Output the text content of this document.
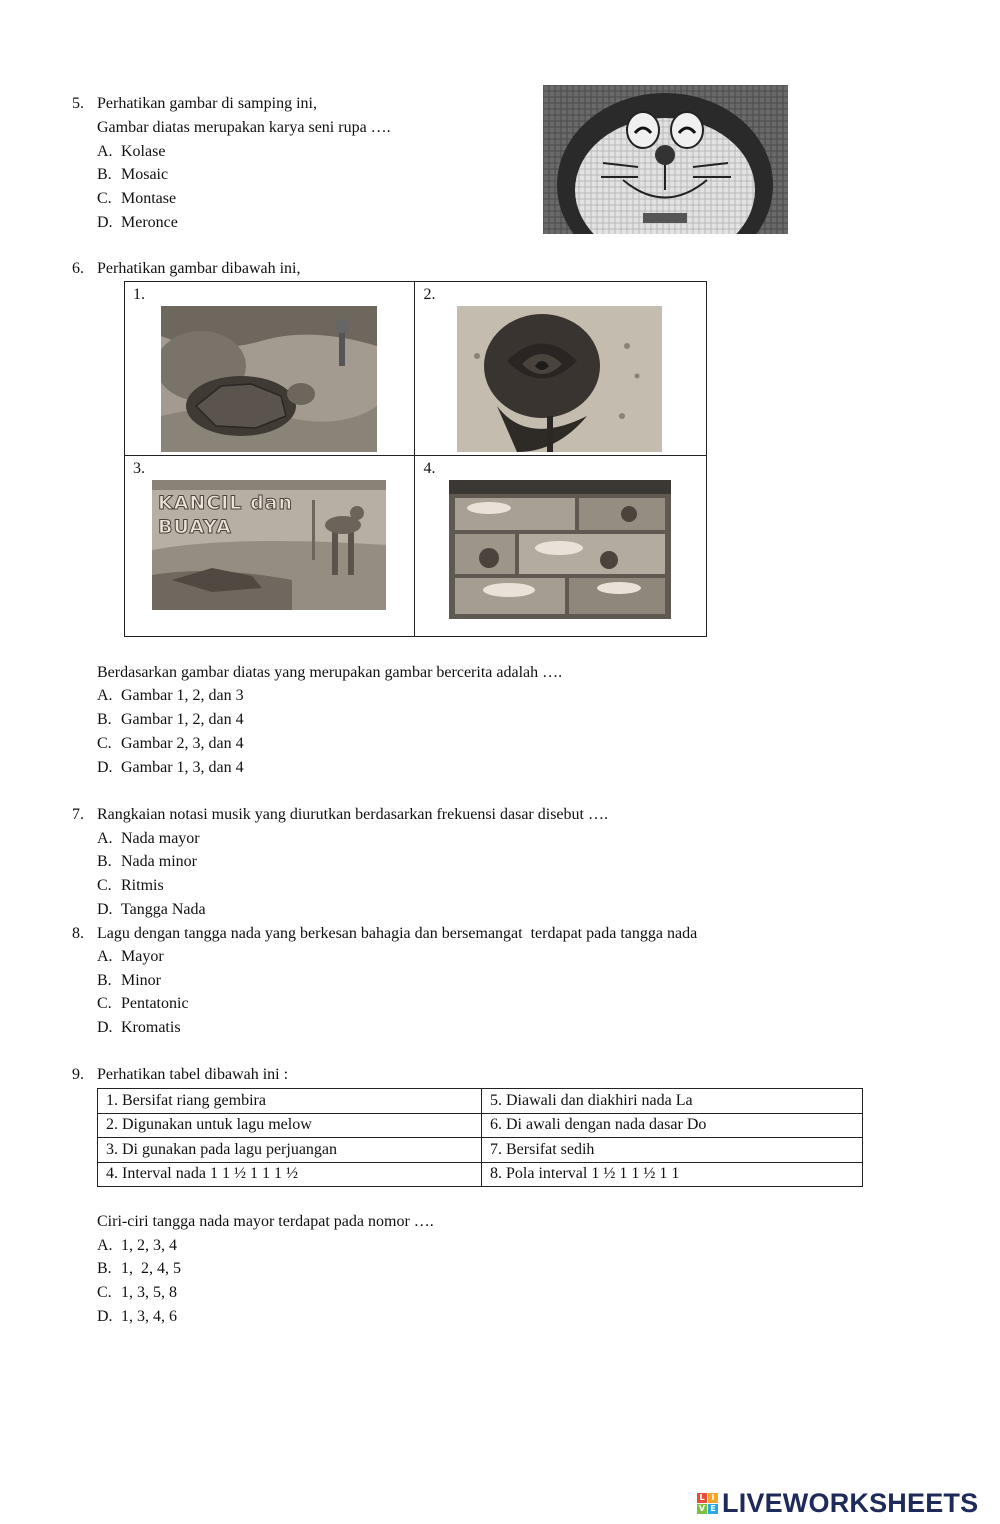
5. Perhatikan gambar di samping ini,
Gambar diatas merupakan karya seni rupa ….
A. Kolase
B. Mosaic
C. Montase
D. Meronce
6. Perhatikan gambar dibawah ini,
1.	2.

3.
KANCIL dan
BUAYA	4.
Berdasarkan gambar diatas yang merupakan gambar bercerita adalah ….
A. Gambar 1, 2, dan 3
B. Gambar 1, 2, dan 4
C. Gambar 2, 3, dan 4
D. Gambar 1, 3, dan 4
7. Rangkaian notasi musik yang diurutkan berdasarkan frekuensi dasar disebut ….
A. Nada mayor
B. Nada minor
C. Ritmis
D. Tangga Nada
8. Lagu dengan tangga nada yang berkesan bahagia dan bersemangat  terdapat pada tangga nada
A. Mayor
B. Minor
C. Pentatonic
D. Kromatis
9. Perhatikan tabel dibawah ini :
1. Bersifat riang gembira	5. Diawali dan diakhiri nada La
2. Digunakan untuk lagu melow	6. Di awali dengan nada dasar Do
3. Di gunakan pada lagu perjuangan	7. Bersifat sedih
4. Interval nada 1 1 ½ 1 1 1 ½	8. Pola interval 1 ½ 1 1 ½ 1 1
Ciri-ciri tangga nada mayor terdapat pada nomor ….
A. 1, 2, 3, 4
B. 1,  2, 4, 5
C. 1, 3, 5, 8
D. 1, 3, 4, 6
L I
V E LIVEWORKSHEETS
